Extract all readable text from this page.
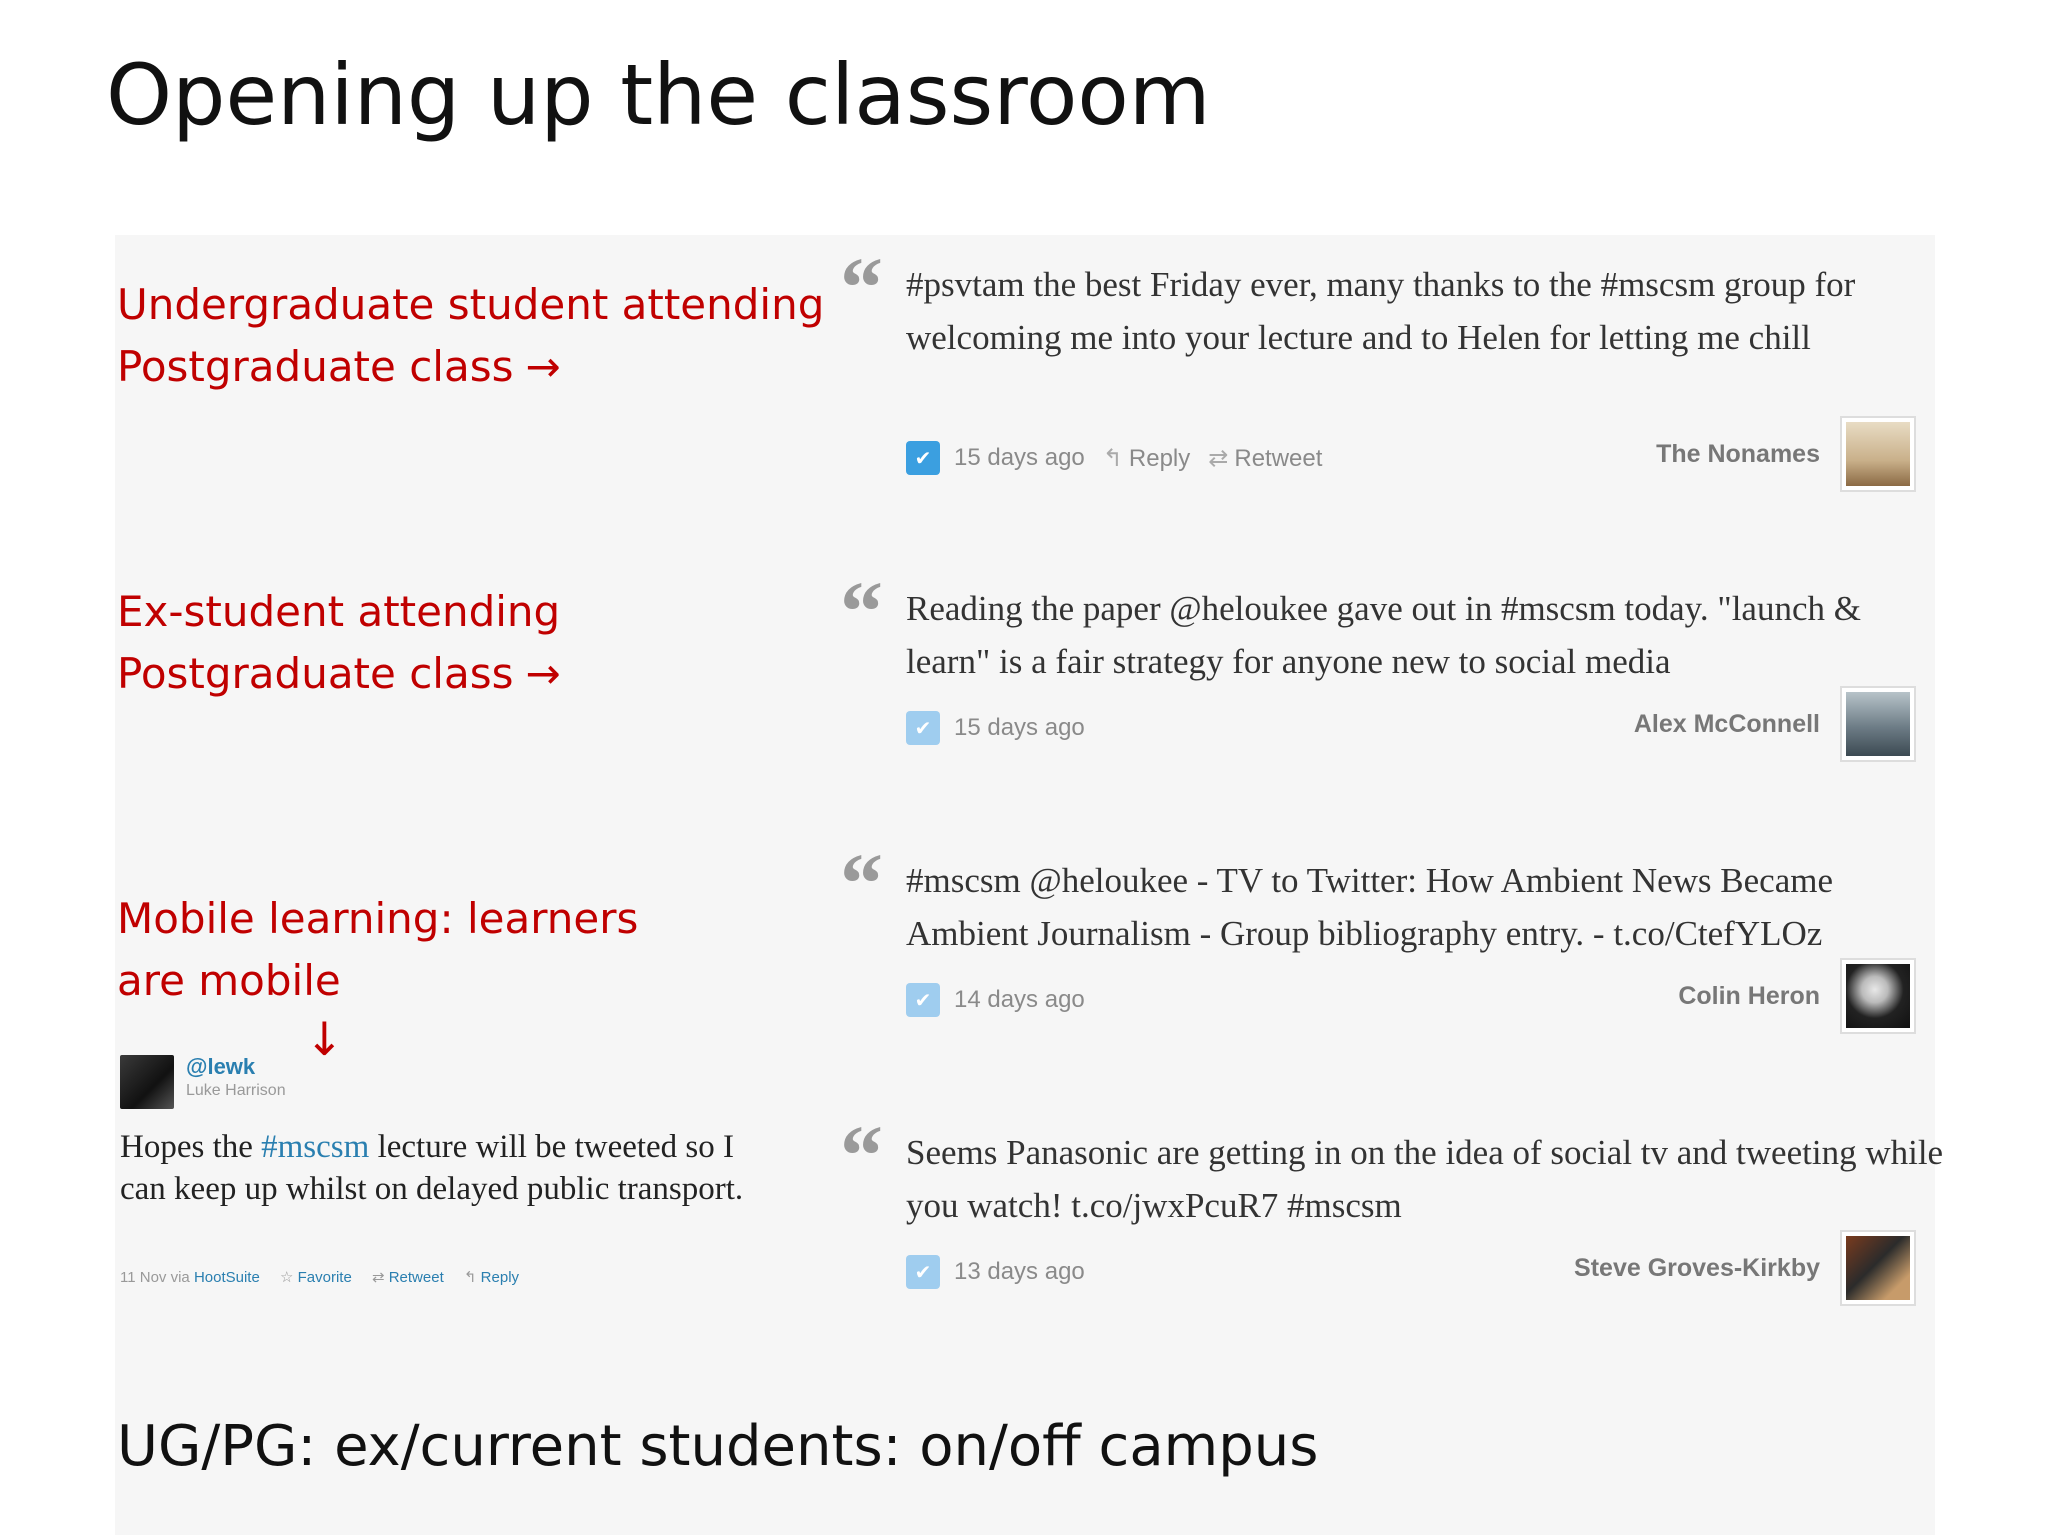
Opening up the classroom
Undergraduate student attending
Postgraduate class →
Ex-student attending
Postgraduate class →
Mobile learning: learners
are mobile
↓
@lewk
Luke Harrison
Hopes the #mscsm lecture will be tweeted so I can keep up whilst on delayed public transport.
11 Nov via HootSuite ☆ Favorite ⇄ Retweet ↰ Reply
“ #psvtam the best Friday ever, many thanks to the #mscsm group for welcoming me into your lecture and to Helen for letting me chill
✔ 15 days ago ↰ Reply ⇄ Retweet	The Nonames
“ Reading the paper @heloukee gave out in #mscsm today. "launch & learn" is a fair strategy for anyone new to social media
✔ 15 days ago	Alex McConnell
“ #mscsm @heloukee - TV to Twitter: How Ambient News Became Ambient Journalism - Group bibliography entry. - t.co/CtefYLOz
✔ 14 days ago	Colin Heron
“ Seems Panasonic are getting in on the idea of social tv and tweeting while you watch! t.co/jwxPcuR7 #mscsm
✔ 13 days ago	Steve Groves-Kirkby
UG/PG: ex/current students: on/off campus
